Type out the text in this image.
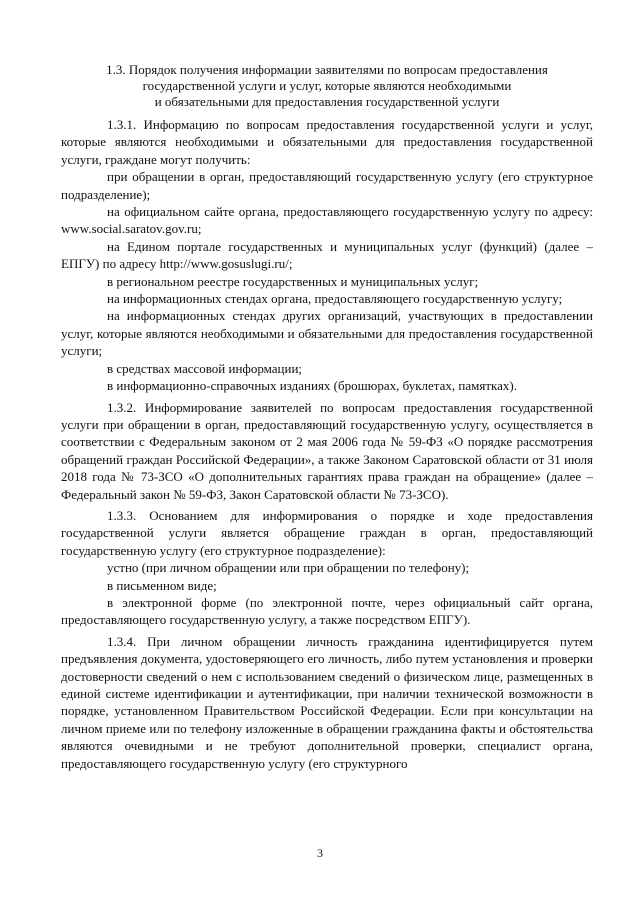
1.3. Порядок получения информации заявителями по вопросам предоставления
государственной услуги и услуг, которые являются необходимыми
и обязательными для предоставления государственной услуги

1.3.1. Информацию по вопросам предоставления государственной услуги и услуг, которые являются необходимыми и обязательными для предоставления государственной услуги, граждане могут получить:

при обращении в орган, предоставляющий государственную услугу (его структурное подразделение);

на официальном сайте органа, предоставляющего государственную услугу по адресу: www.social.saratov.gov.ru;

на Едином портале государственных и муниципальных услуг (функций) (далее – ЕПГУ) по адресу http://www.gosuslugi.ru/;

в региональном реестре государственных и муниципальных услуг;

на информационных стендах органа, предоставляющего государственную услугу;

на информационных стендах других организаций, участвующих в предоставлении услуг, которые являются необходимыми и обязательными для предоставления государственной услуги;

в средствах массовой информации;

в информационно-справочных изданиях (брошюрах, буклетах, памятках).

1.3.2. Информирование заявителей по вопросам предоставления государственной услуги при обращении в орган, предоставляющий государственную услугу, осуществляется в соответствии с Федеральным законом от 2 мая 2006 года № 59-ФЗ «О порядке рассмотрения обращений граждан Российской Федерации», а также Законом Саратовской области от 31 июля 2018 года № 73-ЗСО «О дополнительных гарантиях права граждан на обращение» (далее – Федеральный закон № 59-ФЗ, Закон Саратовской области № 73-ЗСО).

1.3.3. Основанием для информирования о порядке и ходе предоставления государственной услуги является обращение граждан в орган, предоставляющий государственную услугу (его структурное подразделение):

устно (при личном обращении или при обращении по телефону);

в письменном виде;

в электронной форме (по электронной почте, через официальный сайт органа, предоставляющего государственную услугу, а также посредством ЕПГУ).

1.3.4. При личном обращении личность гражданина идентифицируется путем предъявления документа, удостоверяющего его личность, либо путем установления и проверки достоверности сведений о нем с использованием сведений о физическом лице, размещенных в единой системе идентификации и аутентификации, при наличии технической возможности в порядке, установленном Правительством Российской Федерации. Если при консультации на личном приеме или по телефону изложенные в обращении гражданина факты и обстоятельства являются очевидными и не требуют дополнительной проверки, специалист органа, предоставляющего государственную услугу (его структурного

3
